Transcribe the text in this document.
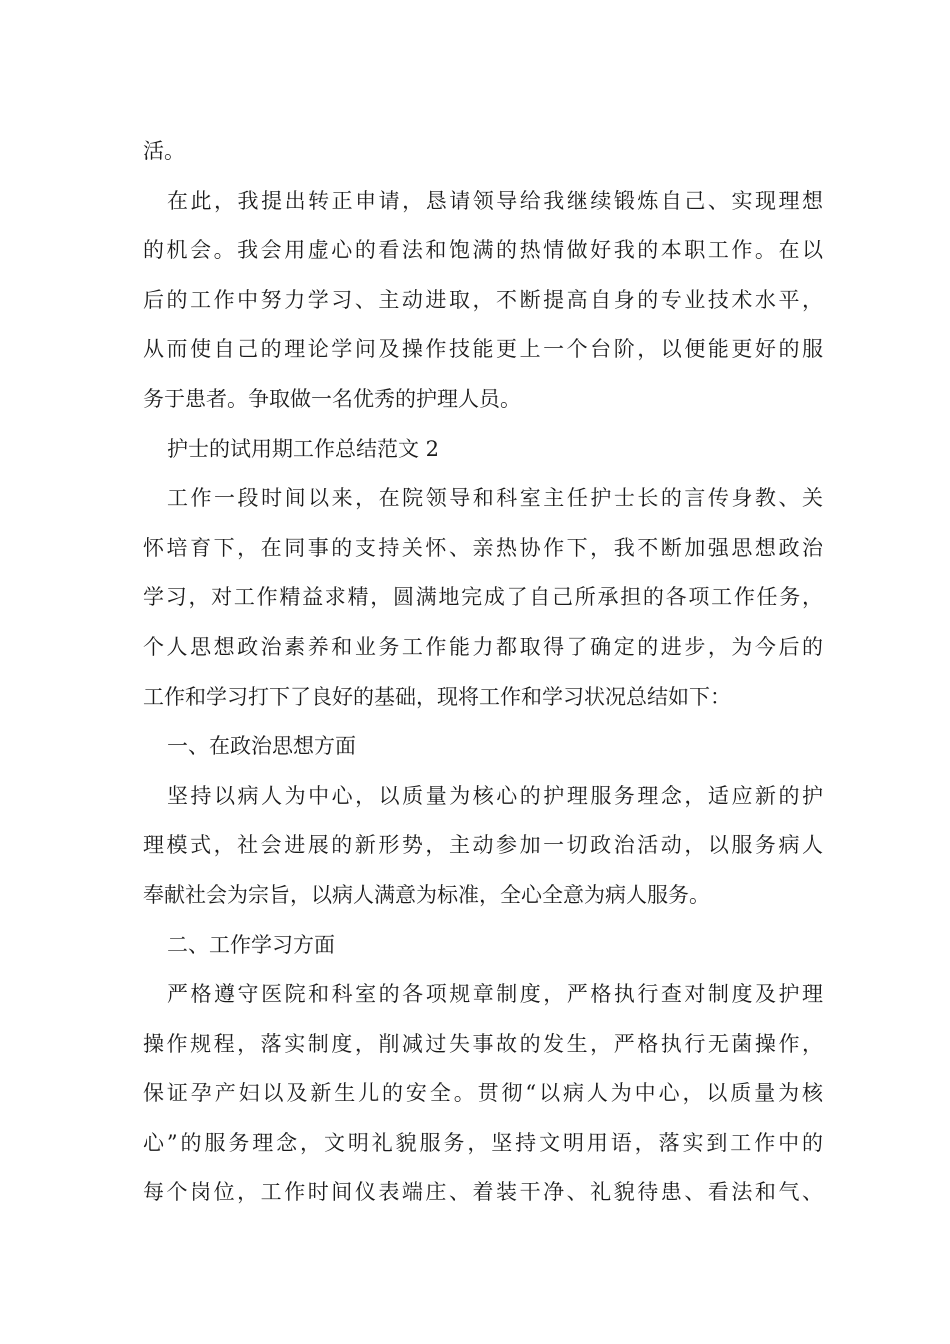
活。
在此，我提出转正申请，恳请领导给我继续锻炼自己、实现理想
的机会。我会用虚心的看法和饱满的热情做好我的本职工作。在以
后的工作中努力学习、主动进取，不断提高自身的专业技术水平，
从而使自己的理论学问及操作技能更上一个台阶，以便能更好的服
务于患者。争取做一名优秀的护理人员。
护士的试用期工作总结范文 2
工作一段时间以来，在院领导和科室主任护士长的言传身教、关
怀培育下，在同事的支持关怀、亲热协作下，我不断加强思想政治
学习，对工作精益求精，圆满地完成了自己所承担的各项工作任务，
个人思想政治素养和业务工作能力都取得了确定的进步，为今后的
工作和学习打下了良好的基础，现将工作和学习状况总结如下：
一、在政治思想方面
坚持以病人为中心，以质量为核心的护理服务理念，适应新的护
理模式，社会进展的新形势，主动参加一切政治活动，以服务病人
奉献社会为宗旨，以病人满意为标准，全心全意为病人服务。
二、工作学习方面
严格遵守医院和科室的各项规章制度，严格执行查对制度及护理
操作规程，落实制度，削减过失事故的发生，严格执行无菌操作，
保证孕产妇以及新生儿的安全。贯彻“以病人为中心，以质量为核
心”的服务理念，文明礼貌服务，坚持文明用语，落实到工作中的
每个岗位，工作时间仪表端庄、着装干净、礼貌待患、看法和气、
